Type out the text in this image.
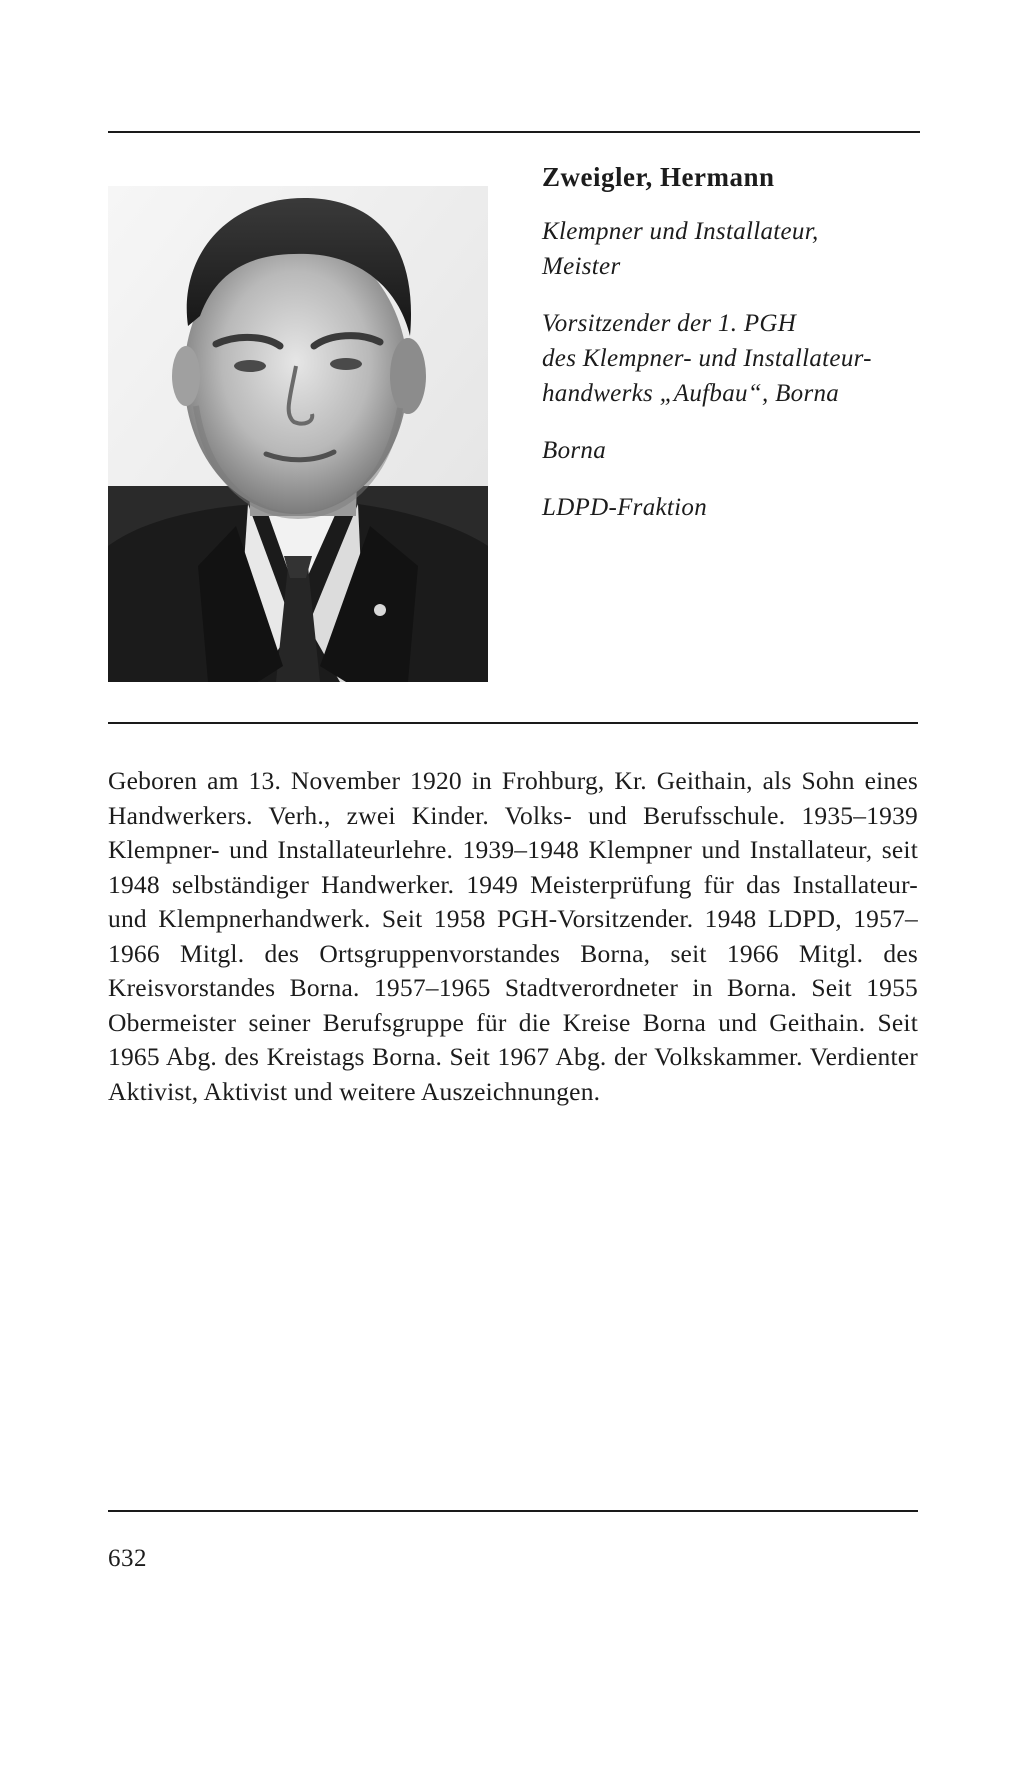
Zweigler, Hermann
Klempner und Installateur,
Meister
Vorsitzender der 1. PGH
des Klempner- und Installateur-
handwerks „Aufbau“, Borna
Borna
LDPD-Fraktion

Geboren am 13. November 1920 in Frohburg, Kr. Geithain, als Sohn eines Handwerkers. Verh., zwei Kinder. Volks- und Berufsschule. 1935–1939 Klempner- und Installateurlehre. 1939–1948 Klempner und Installateur, seit 1948 selbständiger Handwerker. 1949 Meisterprüfung für das Installateur- und Klempnerhandwerk. Seit 1958 PGH-Vorsitzender. 1948 LDPD, 1957–1966 Mitgl. des Ortsgruppenvorstandes Borna, seit 1966 Mitgl. des Kreisvorstandes Borna. 1957–1965 Stadtverordneter in Borna. Seit 1955 Obermeister seiner Berufsgruppe für die Kreise Borna und Geithain. Seit 1965 Abg. des Kreistags Borna. Seit 1967 Abg. der Volkskammer. Verdienter Aktivist, Aktivist und weitere Auszeichnungen.

632
